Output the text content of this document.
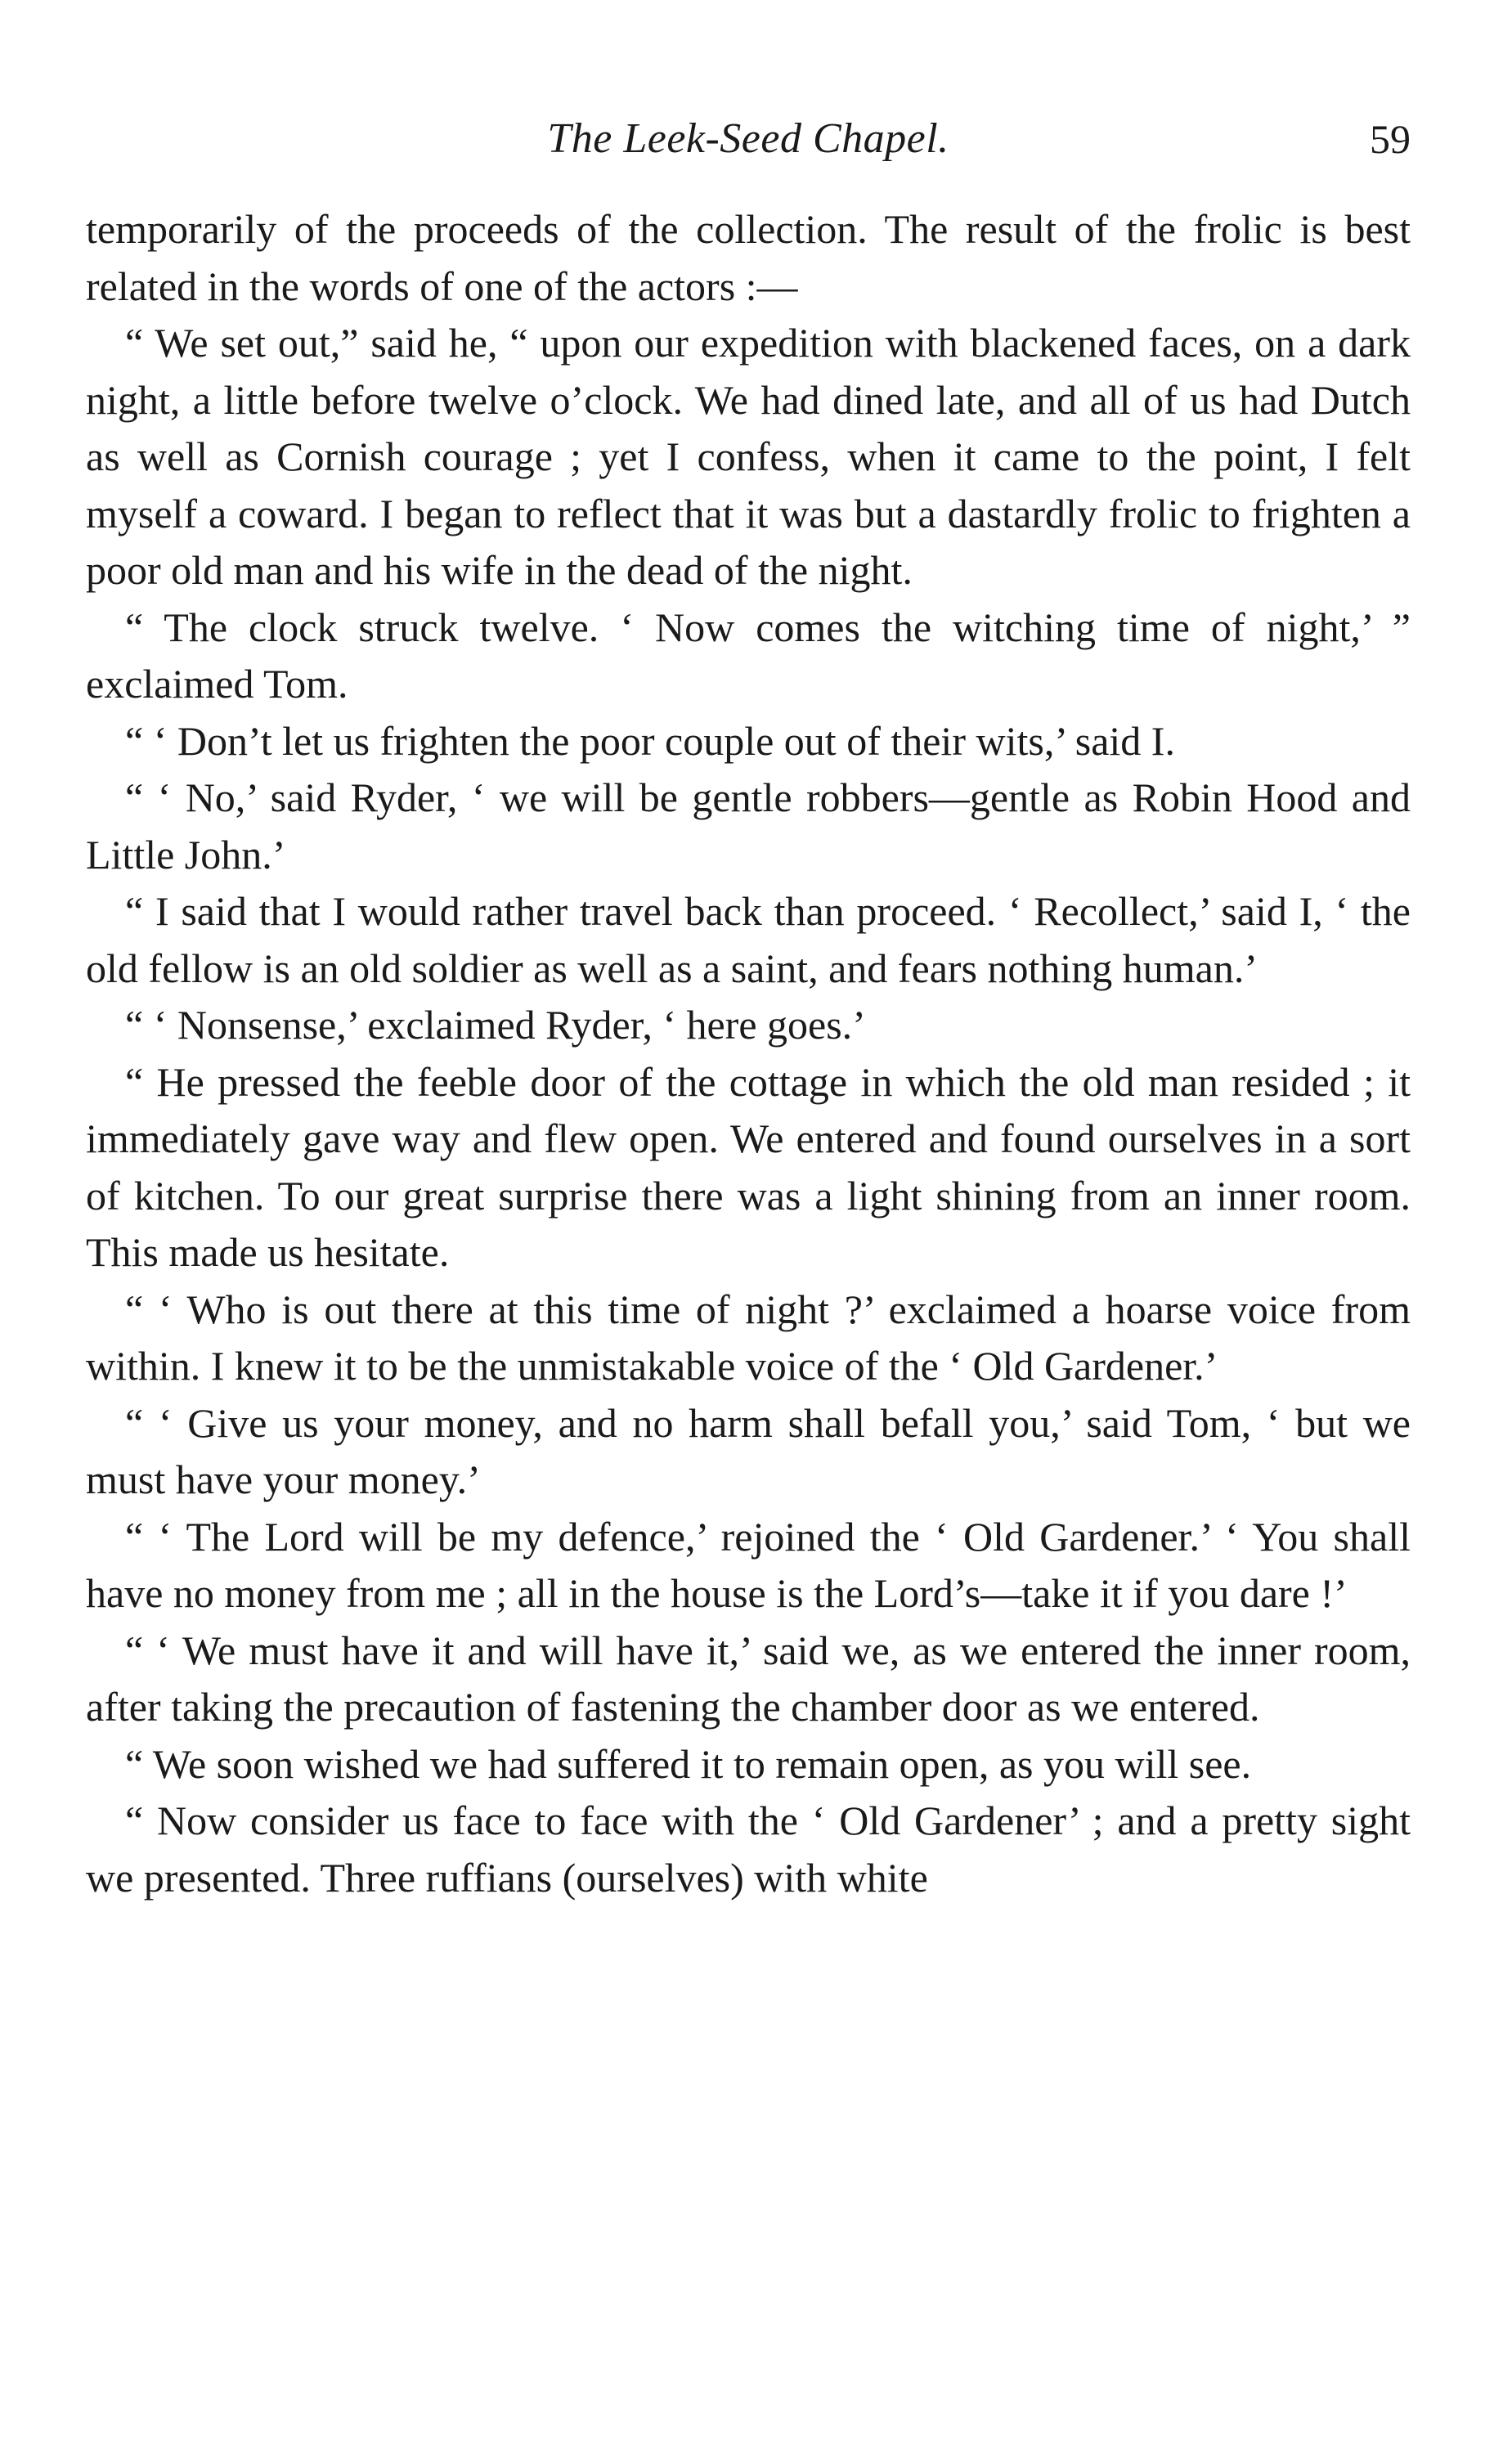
The Leek-Seed Chapel.	59

temporarily of the proceeds of the collection. The result of the frolic is best related in the words of one of the actors :—

“ We set out,” said he, “ upon our expedition with blackened faces, on a dark night, a little before twelve o’clock. We had dined late, and all of us had Dutch as well as Cornish courage ; yet I confess, when it came to the point, I felt myself a coward. I began to reflect that it was but a dastardly frolic to frighten a poor old man and his wife in the dead of the night.

“ The clock struck twelve. ‘ Now comes the witching time of night,’ ” exclaimed Tom.

“ ‘ Don’t let us frighten the poor couple out of their wits,’ said I.

“ ‘ No,’ said Ryder, ‘ we will be gentle robbers—gentle as Robin Hood and Little John.’

“ I said that I would rather travel back than proceed. ‘ Recollect,’ said I, ‘ the old fellow is an old soldier as well as a saint, and fears nothing human.’

“ ‘ Nonsense,’ exclaimed Ryder, ‘ here goes.’

“ He pressed the feeble door of the cottage in which the old man resided ; it immediately gave way and flew open. We entered and found ourselves in a sort of kitchen. To our great surprise there was a light shining from an inner room. This made us hesitate.

“ ‘ Who is out there at this time of night ?’ exclaimed a hoarse voice from within. I knew it to be the unmistakable voice of the ‘ Old Gardener.’

“ ‘ Give us your money, and no harm shall befall you,’ said Tom, ‘ but we must have your money.’

“ ‘ The Lord will be my defence,’ rejoined the ‘ Old Gardener.’ ‘ You shall have no money from me ; all in the house is the Lord’s—take it if you dare !’

“ ‘ We must have it and will have it,’ said we, as we entered the inner room, after taking the precaution of fastening the chamber door as we entered.

“ We soon wished we had suffered it to remain open, as you will see.

“ Now consider us face to face with the ‘ Old Gardener’ ; and a pretty sight we presented. Three ruffians (ourselves) with white
